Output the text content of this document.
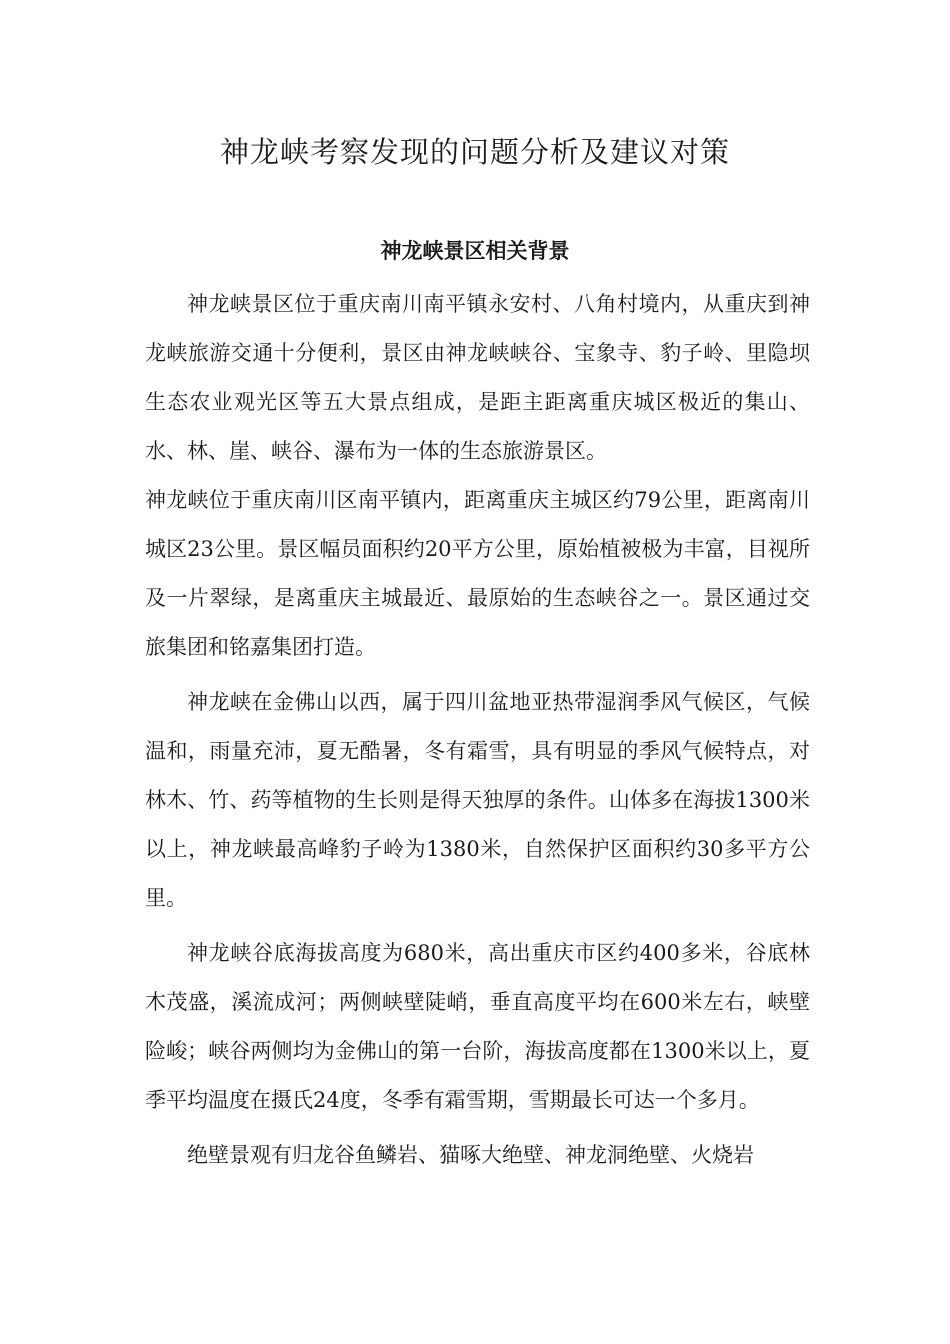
神龙峡考察发现的问题分析及建议对策
神龙峡景区相关背景

神龙峡景区位于重庆南川南平镇永安村、八角村境内，从重庆到神龙峡旅游交通十分便利，景区由神龙峡峡谷、宝象寺、豹子岭、里隐坝生态农业观光区等五大景点组成，是距主距离重庆城区极近的集山、水、林、崖、峡谷、瀑布为一体的生态旅游景区。

神龙峡位于重庆南川区南平镇内，距离重庆主城区约79公里，距离南川城区23公里。景区幅员面积约20平方公里，原始植被极为丰富，目视所及一片翠绿，是离重庆主城最近、最原始的生态峡谷之一。景区通过交旅集团和铭嘉集团打造。

神龙峡在金佛山以西，属于四川盆地亚热带湿润季风气候区，气候温和，雨量充沛，夏无酷暑，冬有霜雪，具有明显的季风气候特点，对林木、竹、药等植物的生长则是得天独厚的条件。山体多在海拔1300米以上，神龙峡最高峰豹子岭为1380米，自然保护区面积约30多平方公里。

神龙峡谷底海拔高度为680米，高出重庆市区约400多米，谷底林木茂盛，溪流成河；两侧峡壁陡峭，垂直高度平均在600米左右，峡壁险峻；峡谷两侧均为金佛山的第一台阶，海拔高度都在1300米以上，夏季平均温度在摄氏24度，冬季有霜雪期，雪期最长可达一个多月。

绝壁景观有归龙谷鱼鳞岩、猫啄大绝壁、神龙洞绝壁、火烧岩
